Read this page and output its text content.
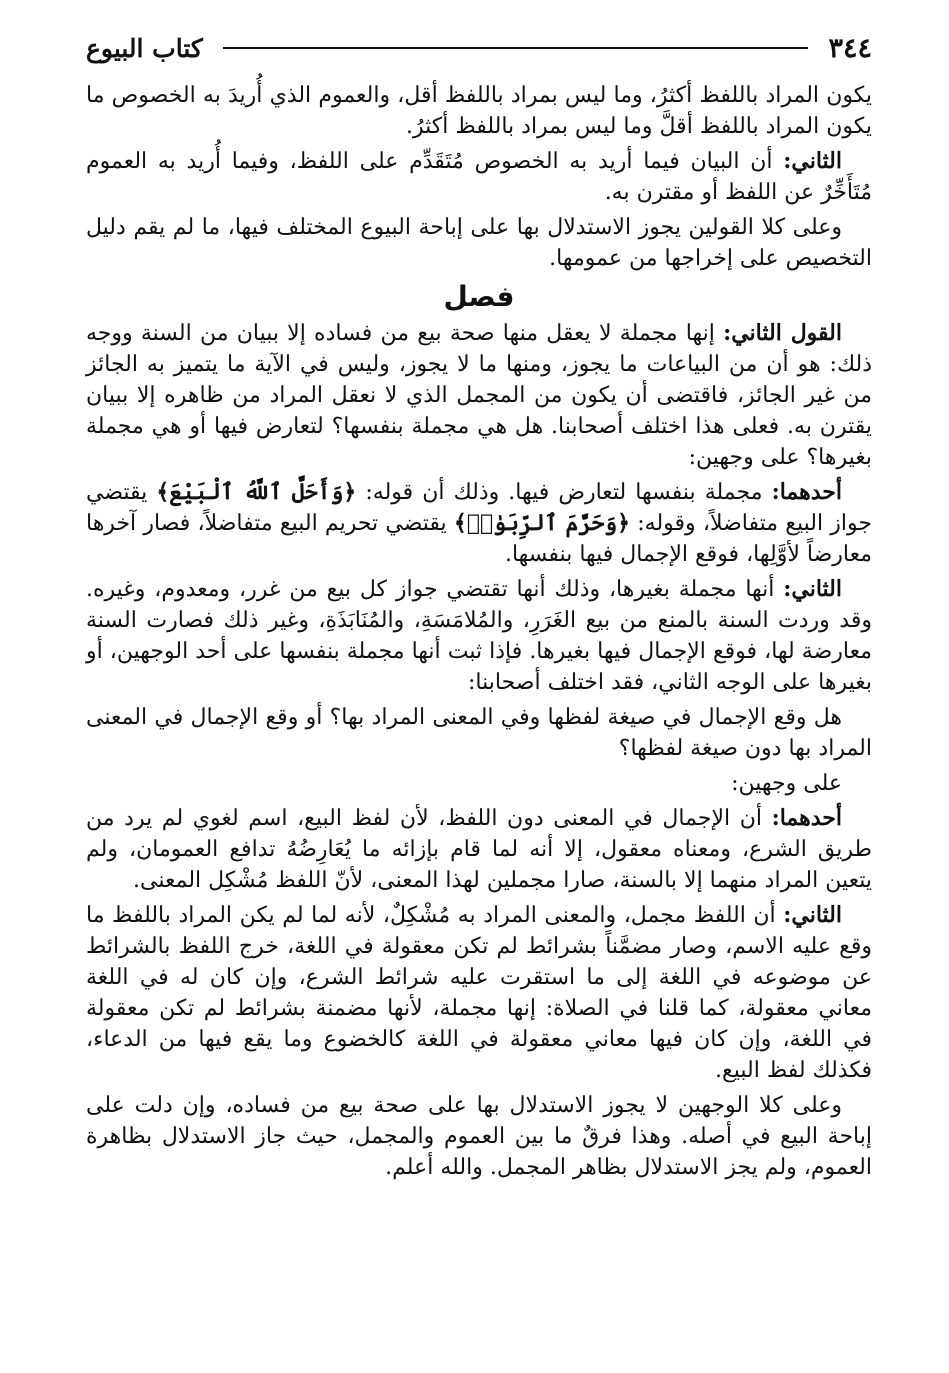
٣٤٤
كتاب البيوع

يكون المراد باللفظ أكثرُ، وما ليس بمراد باللفظ أقل، والعموم الذي أُريدَ به الخصوص ما يكون المراد باللفظ أقلَّ وما ليس بمراد باللفظ أكثرُ.

الثاني: أن البيان فيما أريد به الخصوص مُتَقَدِّم على اللفظ، وفيما أُريد به العموم مُتَأَخِّرٌ عن اللفظ أو مقترن به.

وعلى كلا القولين يجوز الاستدلال بها على إباحة البيوع المختلف فيها، ما لم يقم دليل التخصيص على إخراجها من عمومها.

فصل

القول الثاني: إنها مجملة لا يعقل منها صحة بيع من فساده إلا ببيان من السنة ووجه ذلك: هو أن من البياعات ما يجوز، ومنها ما لا يجوز، وليس في الآية ما يتميز به الجائز من غير الجائز، فاقتضى أن يكون من المجمل الذي لا نعقل المراد من ظاهره إلا ببيان يقترن به. فعلى هذا اختلف أصحابنا. هل هي مجملة بنفسها؟ لتعارض فيها أو هي مجملة بغيرها؟ على وجهين:

أحدهما: مجملة بنفسها لتعارض فيها. وذلك أن قوله: ﴿وَأَحَلَّ ٱللَّهُ ٱلْبَيْعَ﴾ يقتضي جواز البيع متفاضلاً، وقوله: ﴿وَحَرَّمَ ٱلرِّبَوٰا۟﴾ يقتضي تحريم البيع متفاضلاً، فصار آخرها معارضاً لأوَّلِها، فوقع الإجمال فيها بنفسها.

الثاني: أنها مجملة بغيرها، وذلك أنها تقتضي جواز كل بيع من غرر، ومعدوم، وغيره. وقد وردت السنة بالمنع من بيع الغَرَرِ، والمُلامَسَةِ، والمُنَابَذَةِ، وغير ذلك فصارت السنة معارضة لها، فوقع الإجمال فيها بغيرها. فإذا ثبت أنها مجملة بنفسها على أحد الوجهين، أو بغيرها على الوجه الثاني، فقد اختلف أصحابنا:

هل وقع الإجمال في صيغة لفظها وفي المعنى المراد بها؟ أو وقع الإجمال في المعنى المراد بها دون صيغة لفظها؟

على وجهين:

أحدهما: أن الإجمال في المعنى دون اللفظ، لأن لفظ البيع، اسم لغوي لم يرد من طريق الشرع، ومعناه معقول، إلا أنه لما قام بإزائه ما يُعَارِضُهُ تدافع العمومان، ولم يتعين المراد منهما إلا بالسنة، صارا مجملين لهذا المعنى، لأنّ اللفظ مُشْكِل المعنى.

الثاني: أن اللفظ مجمل، والمعنى المراد به مُشْكِلٌ، لأنه لما لم يكن المراد باللفظ ما وقع عليه الاسم، وصار مضمَّناً بشرائط لم تكن معقولة في اللغة، خرج اللفظ بالشرائط عن موضوعه في اللغة إلى ما استقرت عليه شرائط الشرع، وإن كان له في اللغة معاني معقولة، كما قلنا في الصلاة: إنها مجملة، لأنها مضمنة بشرائط لم تكن معقولة في اللغة، وإن كان فيها معاني معقولة في اللغة كالخضوع وما يقع فيها من الدعاء، فكذلك لفظ البيع.

وعلى كلا الوجهين لا يجوز الاستدلال بها على صحة بيع من فساده، وإن دلت على إباحة البيع في أصله. وهذا فرقٌ ما بين العموم والمجمل، حيث جاز الاستدلال بظاهرة العموم، ولم يجز الاستدلال بظاهر المجمل. والله أعلم.
